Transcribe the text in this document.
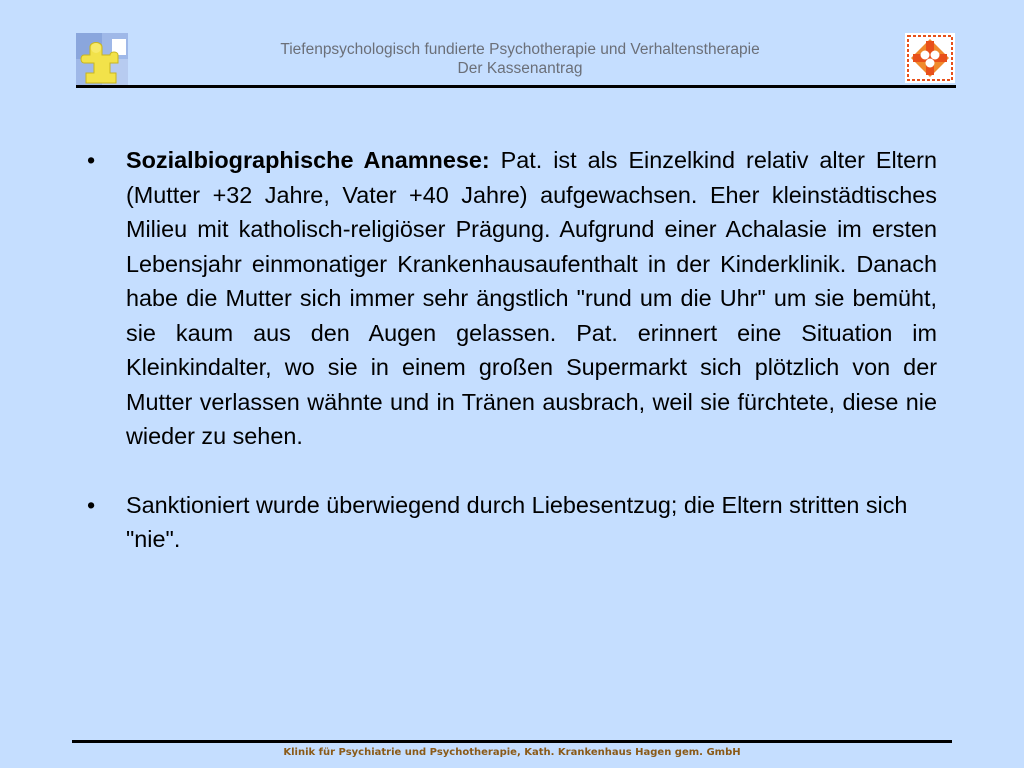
Tiefenpsychologisch fundierte Psychotherapie und Verhaltenstherapie
Der Kassenantrag

• Sozialbiographische Anamnese: Pat. ist als Einzelkind relativ alter Eltern (Mutter +32 Jahre, Vater +40 Jahre) aufgewachsen. Eher kleinstädtisches Milieu mit katholisch-religiöser Prägung. Aufgrund einer Achalasie im ersten Lebensjahr einmonatiger Krankenhausaufenthalt in der Kinderklinik. Danach habe die Mutter sich immer sehr ängstlich "rund um die Uhr" um sie bemüht, sie kaum aus den Augen gelassen. Pat. erinnert eine Situation im Kleinkindalter, wo sie in einem großen Supermarkt sich plötzlich von der Mutter verlassen wähnte und in Tränen ausbrach, weil sie fürchtete, diese nie wieder zu sehen.

• Sanktioniert wurde überwiegend durch Liebesentzug; die Eltern stritten sich "nie".

Klinik für Psychiatrie und Psychotherapie, Kath. Krankenhaus Hagen gem. GmbH
